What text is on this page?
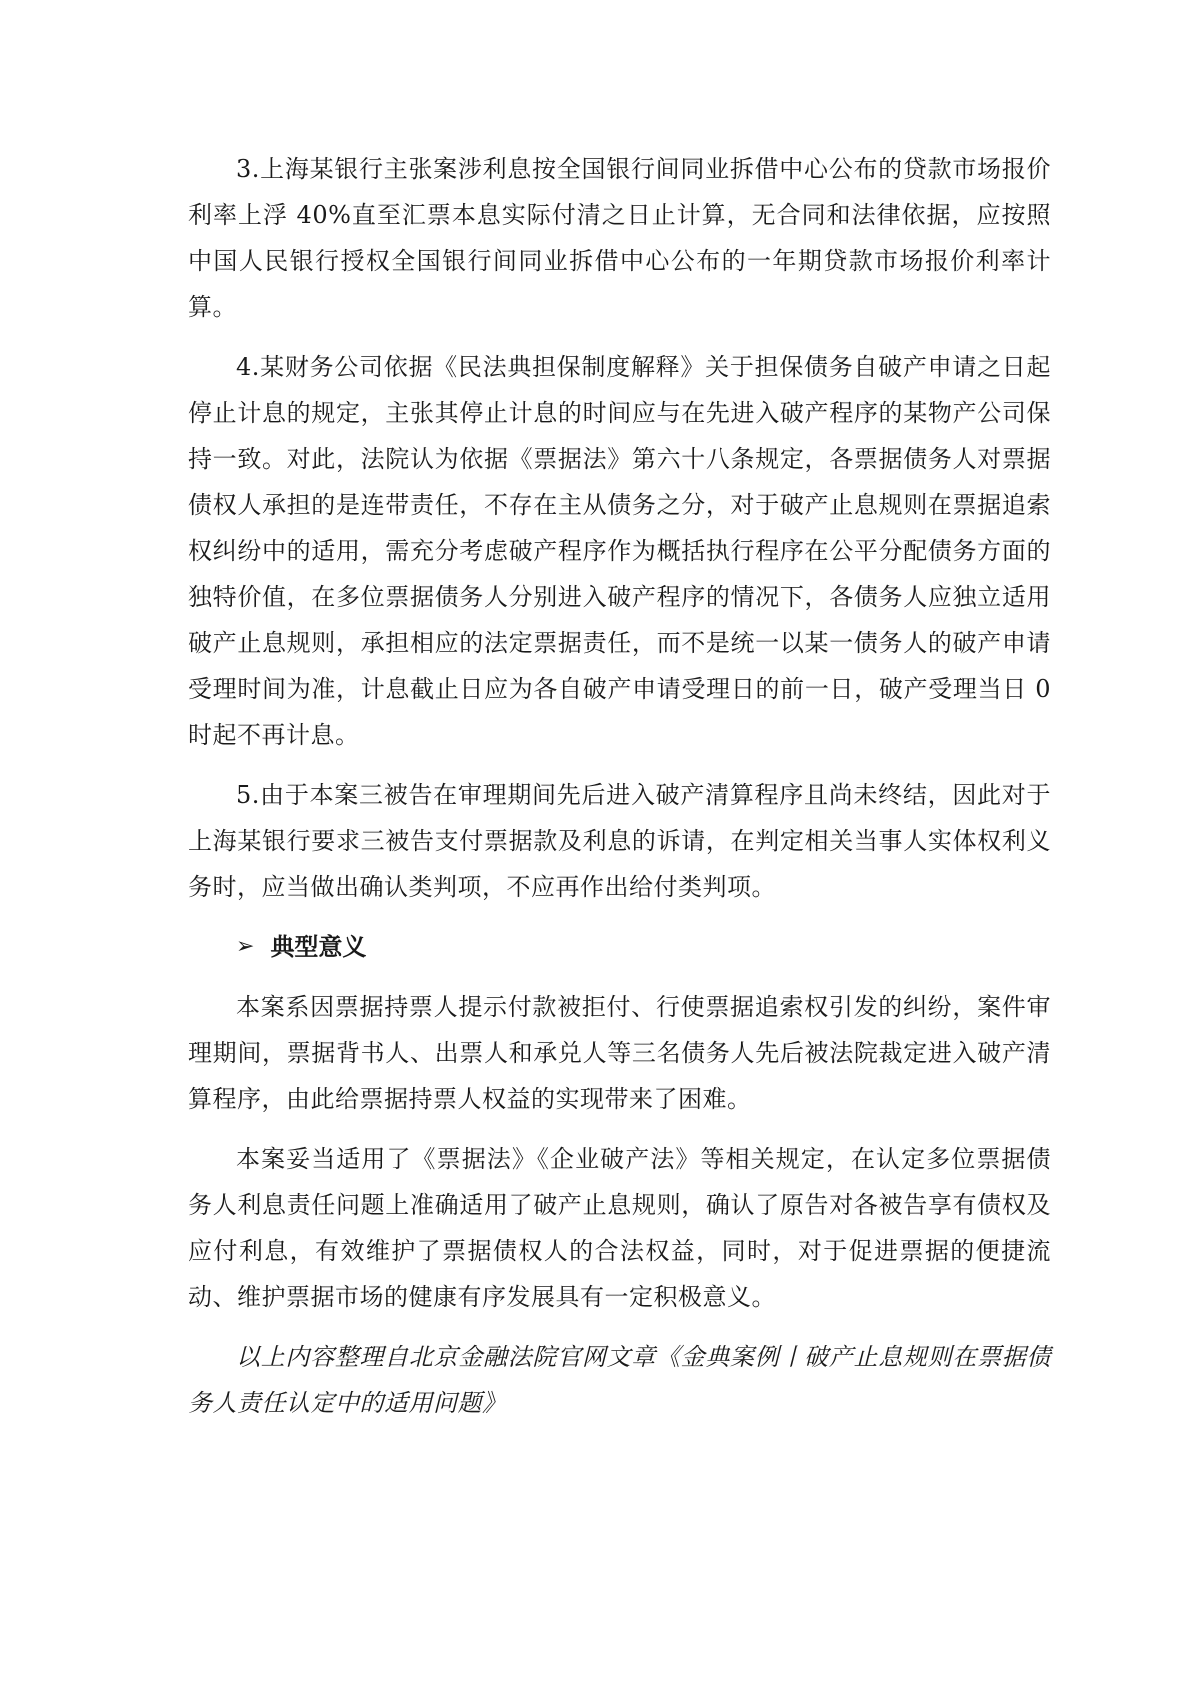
3.上海某银行主张案涉利息按全国银行间同业拆借中心公布的贷款市场报价利率上浮 40%直至汇票本息实际付清之日止计算，无合同和法律依据，应按照中国人民银行授权全国银行间同业拆借中心公布的一年期贷款市场报价利率计算。

4.某财务公司依据《民法典担保制度解释》关于担保债务自破产申请之日起停止计息的规定，主张其停止计息的时间应与在先进入破产程序的某物产公司保持一致。对此，法院认为依据《票据法》第六十八条规定，各票据债务人对票据债权人承担的是连带责任，不存在主从债务之分，对于破产止息规则在票据追索权纠纷中的适用，需充分考虑破产程序作为概括执行程序在公平分配债务方面的独特价值，在多位票据债务人分别进入破产程序的情况下，各债务人应独立适用破产止息规则，承担相应的法定票据责任，而不是统一以某一债务人的破产申请受理时间为准，计息截止日应为各自破产申请受理日的前一日，破产受理当日 0 时起不再计息。

5.由于本案三被告在审理期间先后进入破产清算程序且尚未终结，因此对于上海某银行要求三被告支付票据款及利息的诉请，在判定相关当事人实体权利义务时，应当做出确认类判项，不应再作出给付类判项。

➢ 典型意义

本案系因票据持票人提示付款被拒付、行使票据追索权引发的纠纷，案件审理期间，票据背书人、出票人和承兑人等三名债务人先后被法院裁定进入破产清算程序，由此给票据持票人权益的实现带来了困难。

本案妥当适用了《票据法》《企业破产法》等相关规定，在认定多位票据债务人利息责任问题上准确适用了破产止息规则，确认了原告对各被告享有债权及应付利息，有效维护了票据债权人的合法权益，同时，对于促进票据的便捷流动、维护票据市场的健康有序发展具有一定积极意义。

以上内容整理自北京金融法院官网文章《金典案例丨破产止息规则在票据债务人责任认定中的适用问题》
